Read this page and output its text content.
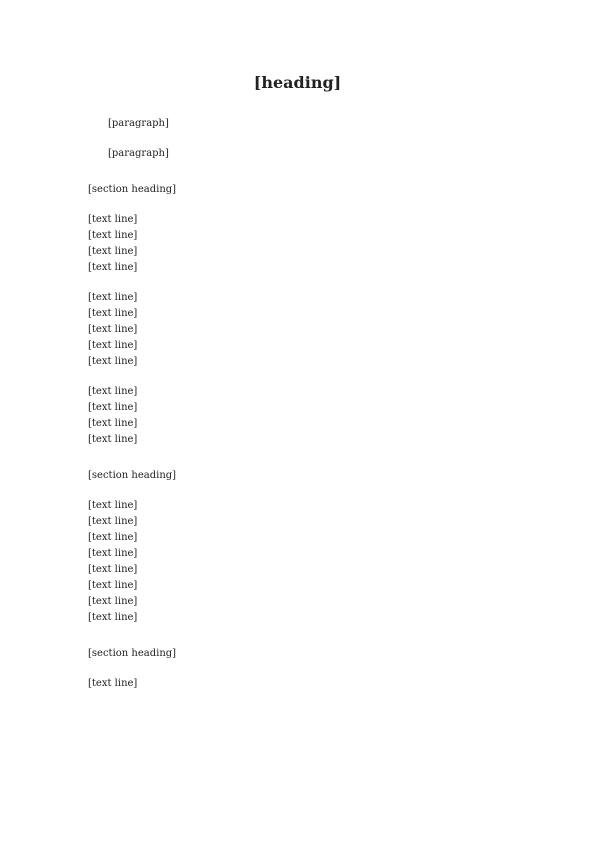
[heading]

[paragraph]

[paragraph]

[section heading]

[text line]

[text line]

[text line]

[text line]

[text line]

[text line]

[text line]

[text line]

[text line]

[text line]

[text line]

[text line]

[text line]

[section heading]

[text line]

[text line]

[text line]

[text line]

[text line]

[text line]

[text line]

[text line]

[section heading]

[text line]
